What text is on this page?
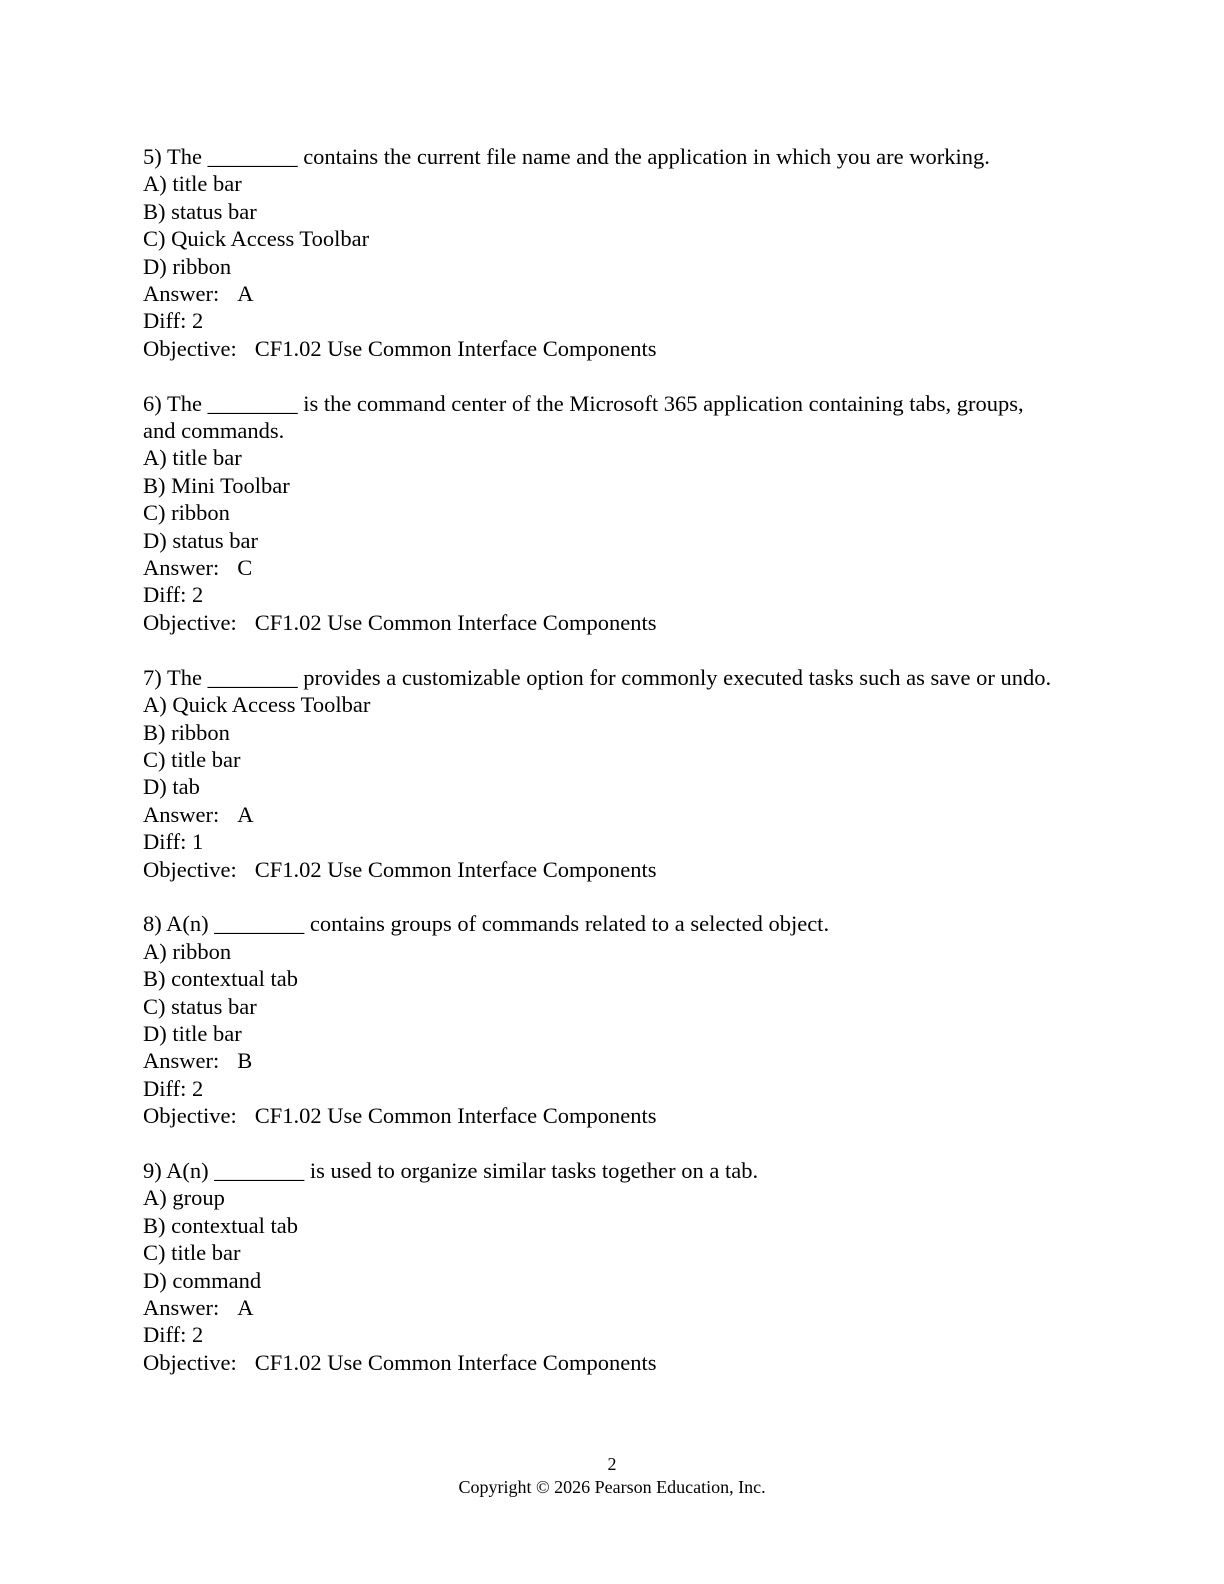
5) The ________ contains the current file name and the application in which you are working.
A) title bar
B) status bar
C) Quick Access Toolbar
D) ribbon
Answer: A
Diff: 2
Objective: CF1.02 Use Common Interface Components
6) The ________ is the command center of the Microsoft 365 application containing tabs, groups, and commands.
A) title bar
B) Mini Toolbar
C) ribbon
D) status bar
Answer: C
Diff: 2
Objective: CF1.02 Use Common Interface Components
7) The ________ provides a customizable option for commonly executed tasks such as save or undo.
A) Quick Access Toolbar
B) ribbon
C) title bar
D) tab
Answer: A
Diff: 1
Objective: CF1.02 Use Common Interface Components
8) A(n) ________ contains groups of commands related to a selected object.
A) ribbon
B) contextual tab
C) status bar
D) title bar
Answer: B
Diff: 2
Objective: CF1.02 Use Common Interface Components
9) A(n) ________ is used to organize similar tasks together on a tab.
A) group
B) contextual tab
C) title bar
D) command
Answer: A
Diff: 2
Objective: CF1.02 Use Common Interface Components
2
Copyright © 2026 Pearson Education, Inc.
